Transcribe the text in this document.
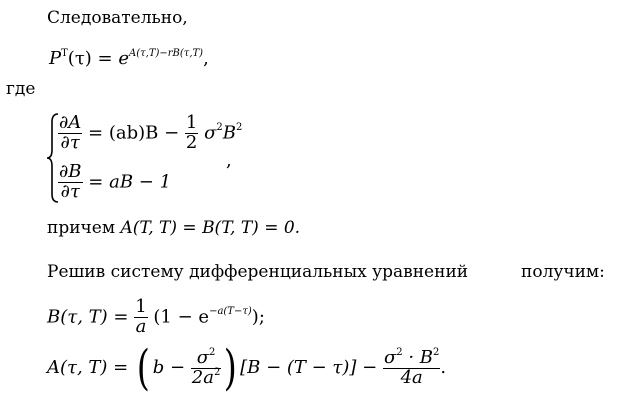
Следовательно,
$P^T(\tau) = e^{A(\tau,T)-rB(\tau,T)}$,
где
$\frac{\partial A}{\partial\tau} = (ab)B - \frac{1}{2} \sigma^2B^2$
,
$\frac{\partial B}{\partial\tau}$ = aB − 1
причем A(T, T) = B(T, T) = 0.
Решив систему дифференциальных уравнений	получим:
B(τ, $T) = \frac{1}{a} (1 - e^{-a(T-\tau)})$;
A(τ, T) = ( $b - \frac{\sigma^2}{2a^2}$ ) $[B - (T - \tau)] - \frac{\sigma^2 \cdot B^2}{4a}$ .
